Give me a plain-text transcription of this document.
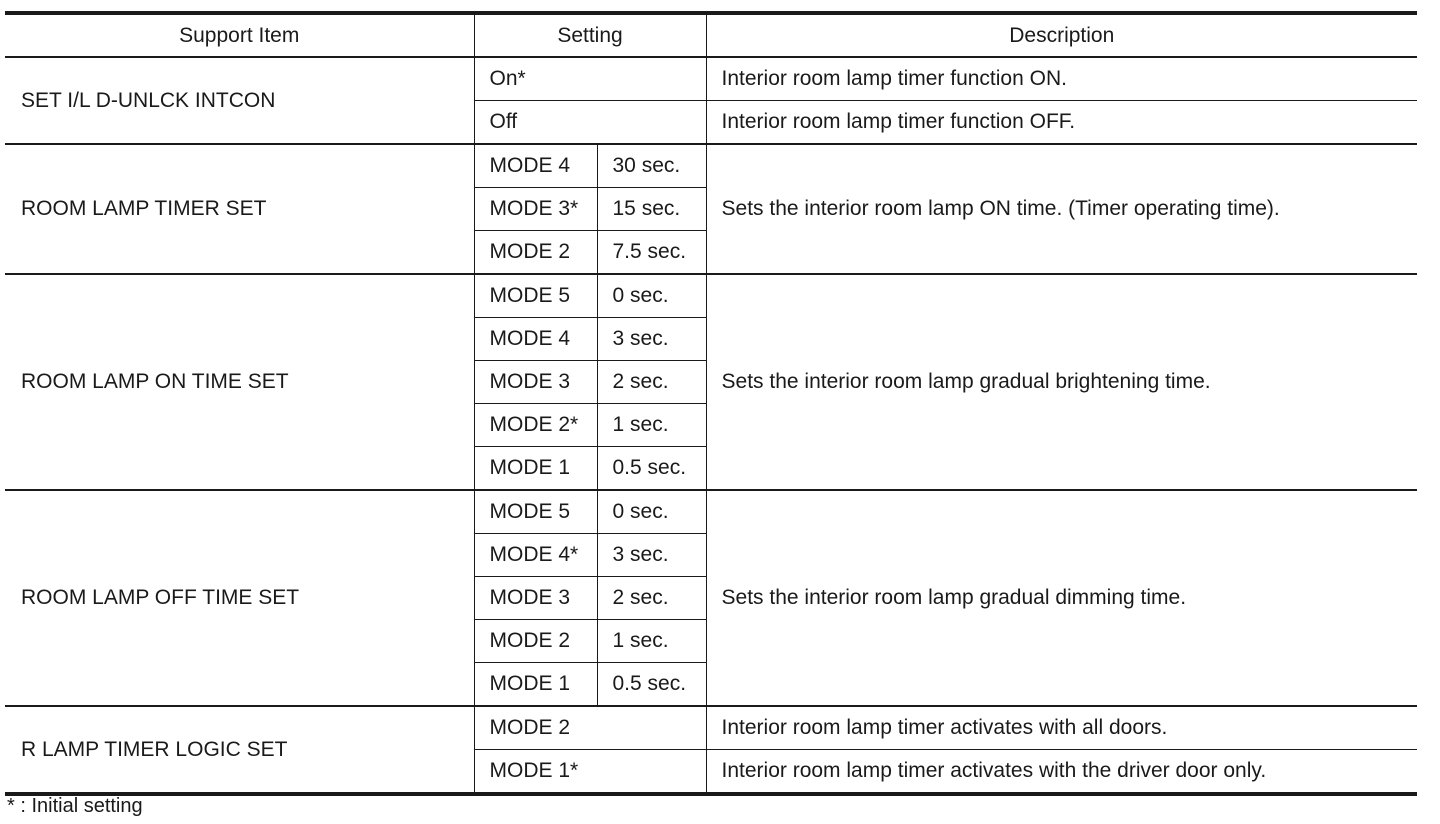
Support Item	Setting		Description
SET I/L D-UNLCK INTCON	On*		Interior room lamp timer function ON.
	Off		Interior room lamp timer function OFF.
ROOM LAMP TIMER SET	MODE 4	30 sec.	Sets the interior room lamp ON time. (Timer operating time).
	MODE 3*	15 sec.	
	MODE 2	7.5 sec.	
ROOM LAMP ON TIME SET	MODE 5	0 sec.	Sets the interior room lamp gradual brightening time.
	MODE 4	3 sec.	
	MODE 3	2 sec.	
	MODE 2*	1 sec.	
	MODE 1	0.5 sec.	
ROOM LAMP OFF TIME SET	MODE 5	0 sec.	Sets the interior room lamp gradual dimming time.
	MODE 4*	3 sec.	
	MODE 3	2 sec.	
	MODE 2	1 sec.	
	MODE 1	0.5 sec.	
R LAMP TIMER LOGIC SET	MODE 2		Interior room lamp timer activates with all doors.
	MODE 1*		Interior room lamp timer activates with the driver door only.
* : Initial setting
